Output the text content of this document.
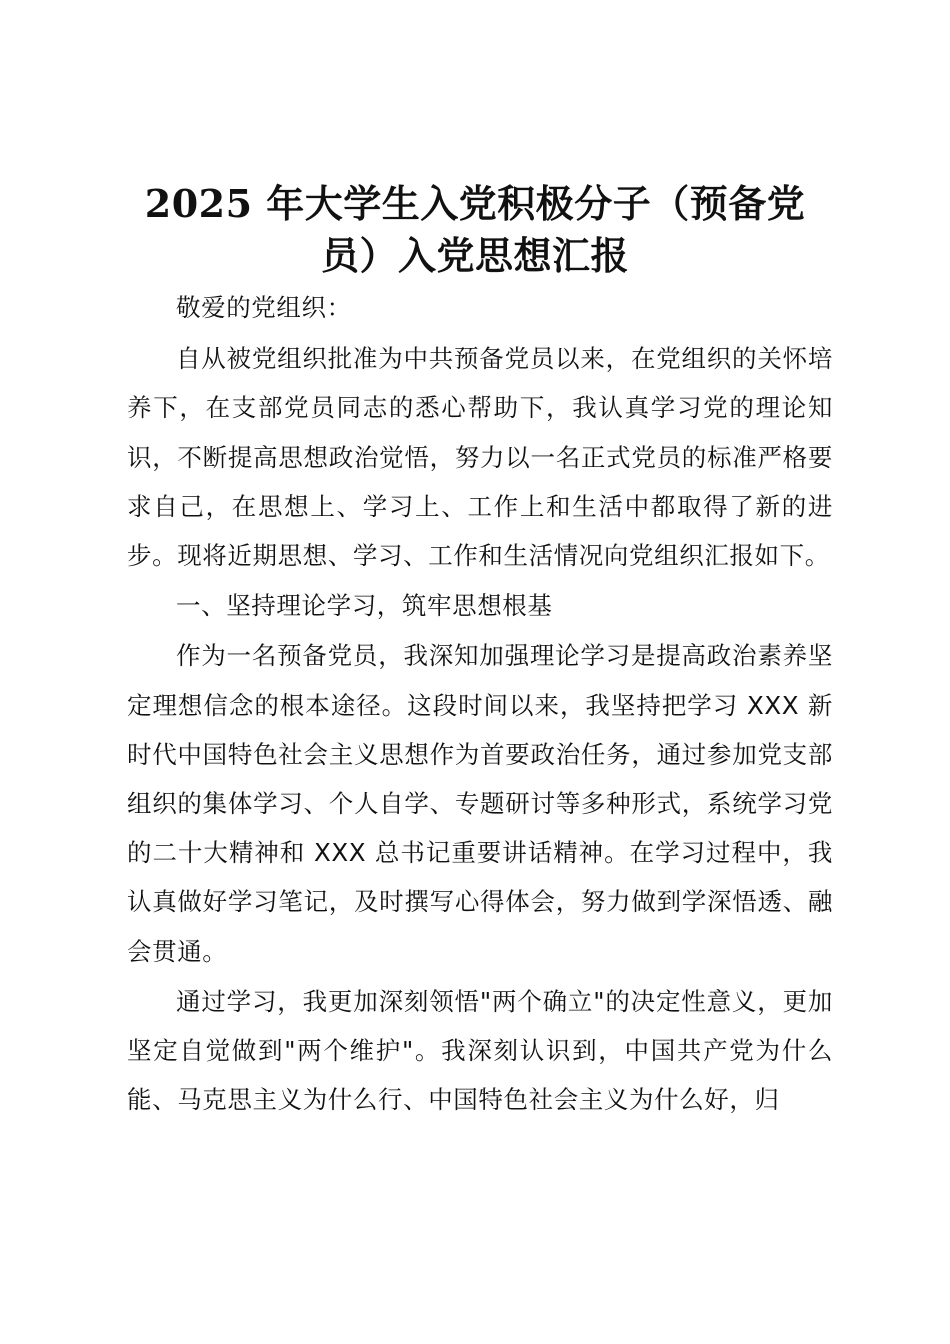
2025 年大学生入党积极分子（预备党
员）入党思想汇报

敬爱的党组织：

自从被党组织批准为中共预备党员以来，在党组织的关怀培养下，在支部党员同志的悉心帮助下，我认真学习党的理论知识，不断提高思想政治觉悟，努力以一名正式党员的标准严格要求自己，在思想上、学习上、工作上和生活中都取得了新的进步。现将近期思想、学习、工作和生活情况向党组织汇报如下。

一、坚持理论学习，筑牢思想根基

作为一名预备党员，我深知加强理论学习是提高政治素养坚定理想信念的根本途径。这段时间以来，我坚持把学习 XXX 新时代中国特色社会主义思想作为首要政治任务，通过参加党支部组织的集体学习、个人自学、专题研讨等多种形式，系统学习党的二十大精神和 XXX 总书记重要讲话精神。在学习过程中，我认真做好学习笔记，及时撰写心得体会，努力做到学深悟透、融会贯通。

通过学习，我更加深刻领悟"两个确立"的决定性意义，更加坚定自觉做到"两个维护"。我深刻认识到，中国共产党为什么能、马克思主义为什么行、中国特色社会主义为什么好，归
